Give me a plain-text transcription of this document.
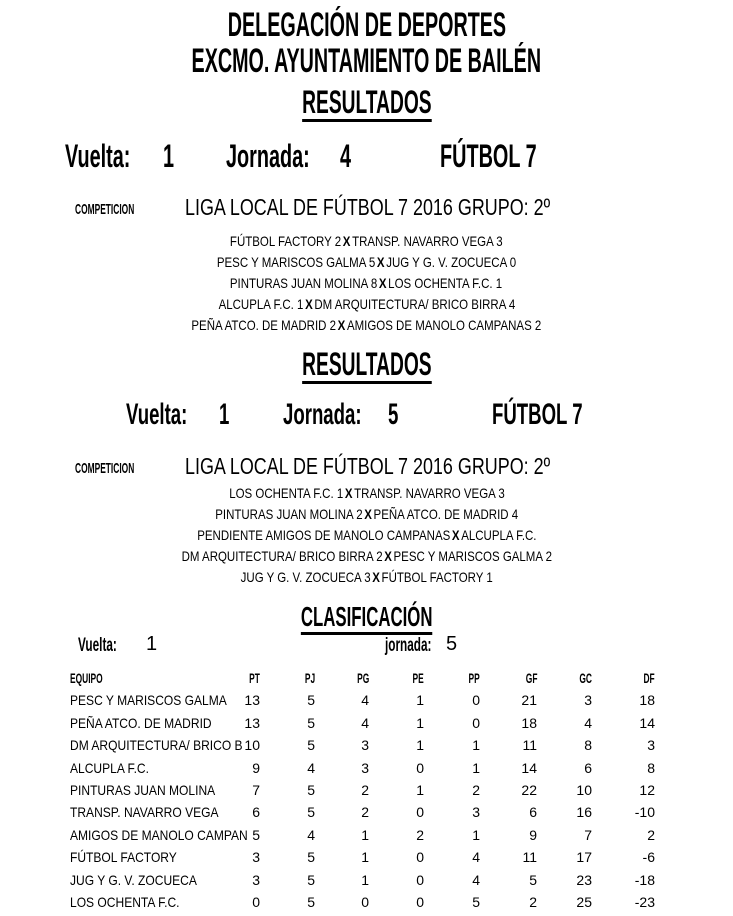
DELEGACIÓN DE DEPORTES
EXCMO. AYUNTAMIENTO DE BAILÉN
RESULTADOS
Vuelta:	1 Jornada: 4	FÚTBOL 7
COMPETICION	LIGA LOCAL DE FÚTBOL 7 2016 GRUPO: 2º
FÚTBOL FACTORY 2 X TRANSP. NAVARRO VEGA 3
PESC Y MARISCOS GALMA 5 X JUG Y G. V. ZOCUECA 0
PINTURAS JUAN MOLINA 8 X LOS OCHENTA F.C. 1
ALCUPLA F.C. 1 X DM ARQUITECTURA/ BRICO BIRRA 4
PEÑA ATCO. DE MADRID 2 X AMIGOS DE MANOLO CAMPANAS 2
RESULTADOS
Vuelta:	1 Jornada: 5	FÚTBOL 7
COMPETICION	LIGA LOCAL DE FÚTBOL 7 2016 GRUPO: 2º
LOS OCHENTA F.C. 1 X TRANSP. NAVARRO VEGA 3
PINTURAS JUAN MOLINA 2 X PEÑA ATCO. DE MADRID 4
PENDIENTE AMIGOS DE MANOLO CAMPANAS X ALCUPLA F.C.
DM ARQUITECTURA/ BRICO BIRRA 2 X PESC Y MARISCOS GALMA 2
JUG Y G. V. ZOCUECA 3 X FÚTBOL FACTORY 1
CLASIFICACIÓN
Vuelta:	1	jornada: 5
EQUIPO	PT	PJ	PG	PE	PP	GF	GC	DF
PESC Y MARISCOS GALMA	13	5	4	1	0	21	3	18
PEÑA ATCO. DE MADRID	13	5	4	1	0	18	4	14
DM ARQUITECTURA/ BRICO B 10	5	3	1	1	11	8	3
ALCUPLA F.C.	9	4	3	0	1	14	6	8
PINTURAS JUAN MOLINA	7	5	2	1	2	22	10	12
TRANSP. NAVARRO VEGA	6	5	2	0	3	6	16	-10
AMIGOS DE MANOLO CAMPAN 5	4	1	2	1	9	7	2
FÚTBOL FACTORY	3	5	1	0	4	11	17	-6
JUG Y G. V. ZOCUECA	3	5	1	0	4	5	23	-18
LOS OCHENTA F.C.	0	5	0	0	5	2	25	-23
